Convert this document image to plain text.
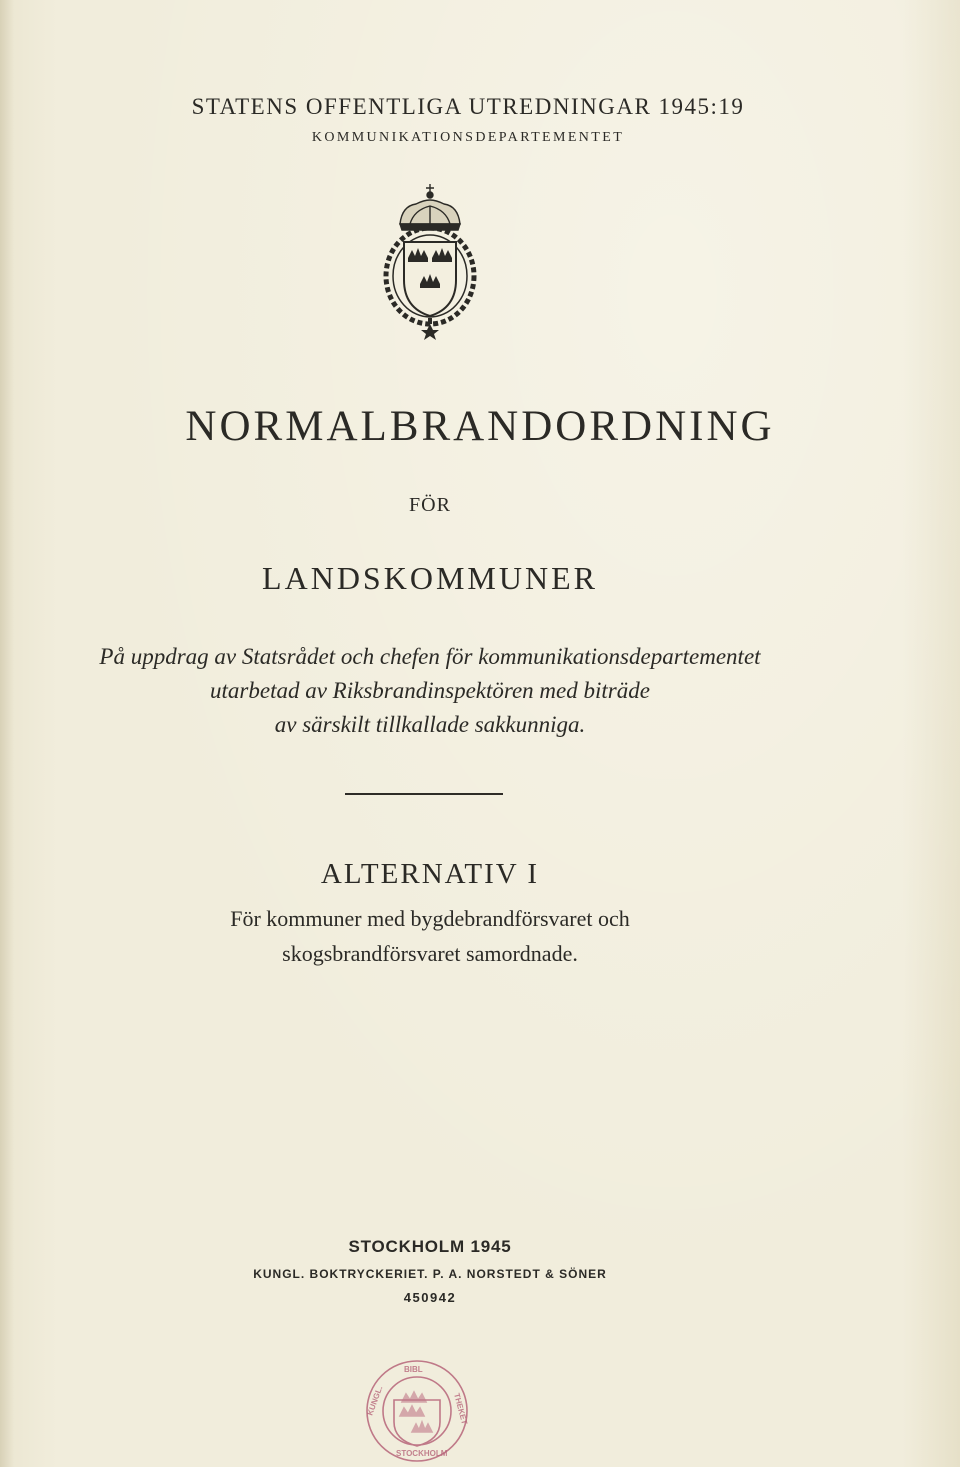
STATENS OFFENTLIGA UTREDNINGAR 1945:19
KOMMUNIKATIONSDEPARTEMENTET
NORMALBRANDORDNING
FÖR
LANDSKOMMUNER
På uppdrag av Statsrådet och chefen för kommunikationsdepartementet
utarbetad av Riksbrandinspektören med biträde
av särskilt tillkallade sakkunniga.
ALTERNATIV I
För kommuner med bygdebrandförsvaret och
skogsbrandförsvaret samordnade.
STOCKHOLM 1945
KUNGL. BOKTRYCKERIET. P. A. NORSTEDT & SÖNER
450942
BIBL
KUNGL.	THEKET
STOCKHOLM
